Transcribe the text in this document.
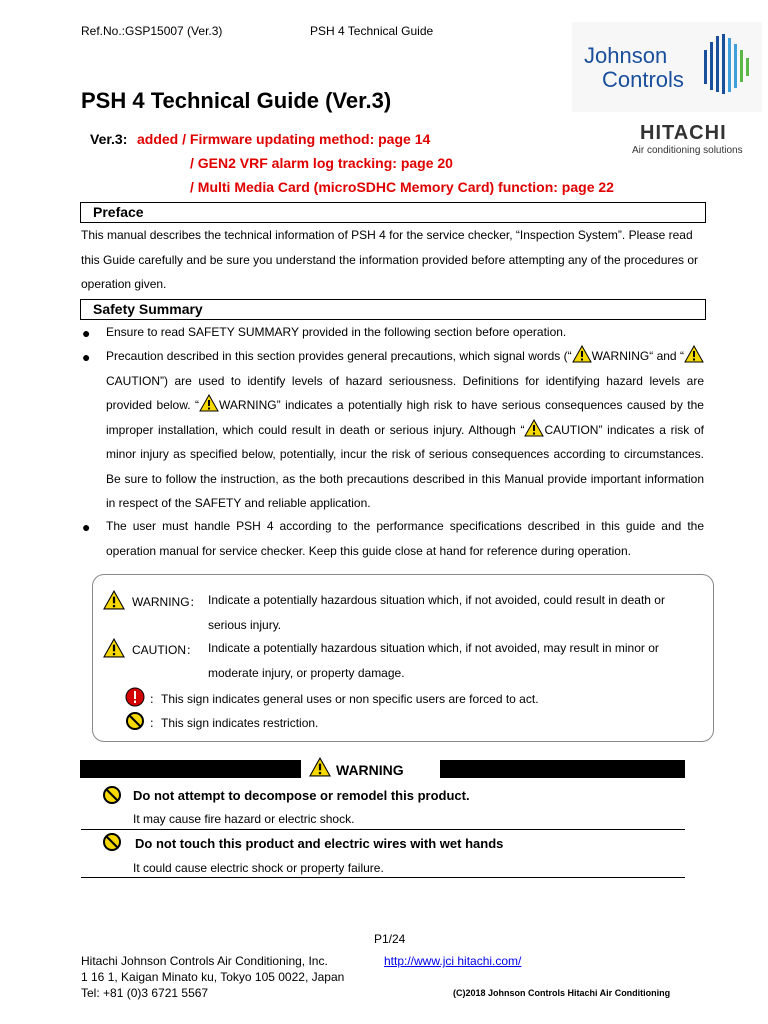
Ref.No.:GSP15007 (Ver.3)	PSH 4 Technical Guide
Johnson
Controls
HITACHI
Air conditioning solutions
PSH 4 Technical Guide (Ver.3)
Ver.3: added / Firmware updating method: page 14
/ GEN2 VRF alarm log tracking: page 20
/ Multi Media Card (microSDHC Memory Card) function: page 22
Preface
This manual describes the technical information of PSH 4 for the service checker, “Inspection System”. Please read this Guide carefully and be sure you understand the information provided before attempting any of the procedures or operation given.
Safety Summary
● Ensure to read SAFETY SUMMARY provided in the following section before operation.
● Precaution described in this section provides general precautions, which signal words (“ WARNING“ and “CAUTION”) are used to identify levels of hazard seriousness. Definitions for identifying hazard levels are provided below. “ WARNING” indicates a potentially high risk to have serious consequences caused by the improper installation, which could result in death or serious injury. Although “ CAUTION” indicates a risk of minor injury as specified below, potentially, incur the risk of serious consequences according to circumstances. Be sure to follow the instruction, as the both precautions described in this Manual provide important information in respect of the SAFETY and reliable application.
● The user must handle PSH 4 according to the performance specifications described in this guide and the operation manual for service checker. Keep this guide close at hand for reference during operation.
WARNING： Indicate a potentially hazardous situation which, if not avoided, could result in death or serious injury.
CAUTION： Indicate a potentially hazardous situation which, if not avoided, may result in minor or moderate injury, or property damage.
：This sign indicates general uses or non specific users are forced to act.
：This sign indicates restriction.
WARNING
Do not attempt to decompose or remodel this product.
It may cause fire hazard or electric shock.
Do not touch this product and electric wires with wet hands
It could cause electric shock or property failure.
P1/24
Hitachi Johnson Controls Air Conditioning, Inc.	http://www.jci hitachi.com/
1 16 1, Kaigan Minato ku, Tokyo 105 0022, Japan
Tel: +81 (0)3 6721 5567	(C)2018 Johnson Controls Hitachi Air Conditioning
